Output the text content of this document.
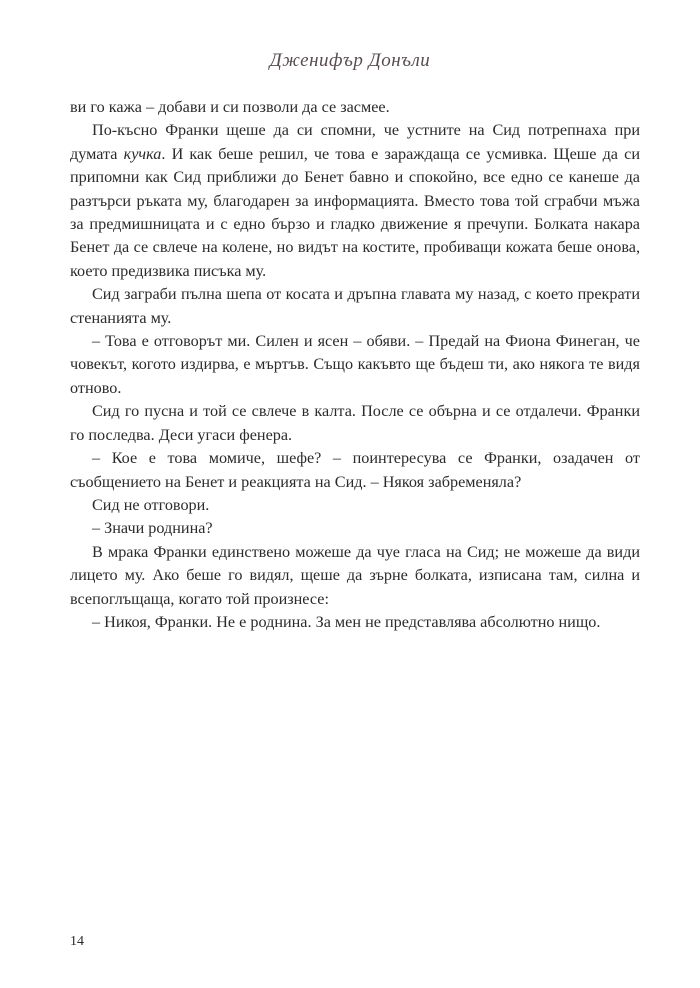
Дженифър Донъли

ви го кажа – добави и си позволи да се засмее.

По-късно Франки щеше да си спомни, че устните на Сид потрепнаха при думата кучка. И как беше решил, че това е зараждаща се усмивка. Щеше да си припомни как Сид приближи до Бенет бавно и спокойно, все едно се канеше да разтърси ръката му, благодарен за информацията. Вместо това той сграбчи мъжа за предмишницата и с едно бързо и гладко движение я пречупи. Болката накара Бенет да се свлече на колене, но видът на костите, пробиващи кожата беше онова, което предизвика писъка му.

Сид заграби пълна шепа от косата и дръпна главата му назад, с което прекрати стенанията му.

– Това е отговорът ми. Силен и ясен – обяви. – Предай на Фиона Финеган, че човекът, когото издирва, е мъртъв. Също какъвто ще бъдеш ти, ако някога те видя отново.

Сид го пусна и той се свлече в калта. После се обърна и се отдалечи. Франки го последва. Деси угаси фенера.

– Кое е това момиче, шефе? – поинтересува се Франки, озадачен от съобщението на Бенет и реакцията на Сид. – Някоя забременяла?

Сид не отговори.

– Значи роднина?

В мрака Франки единствено можеше да чуе гласа на Сид; не можеше да види лицето му. Ако беше го видял, щеше да зърне болката, изписана там, силна и всепоглъщаща, когато той произнесе:

– Никоя, Франки. Не е роднина. За мен не представлява абсолютно нищо.

14
